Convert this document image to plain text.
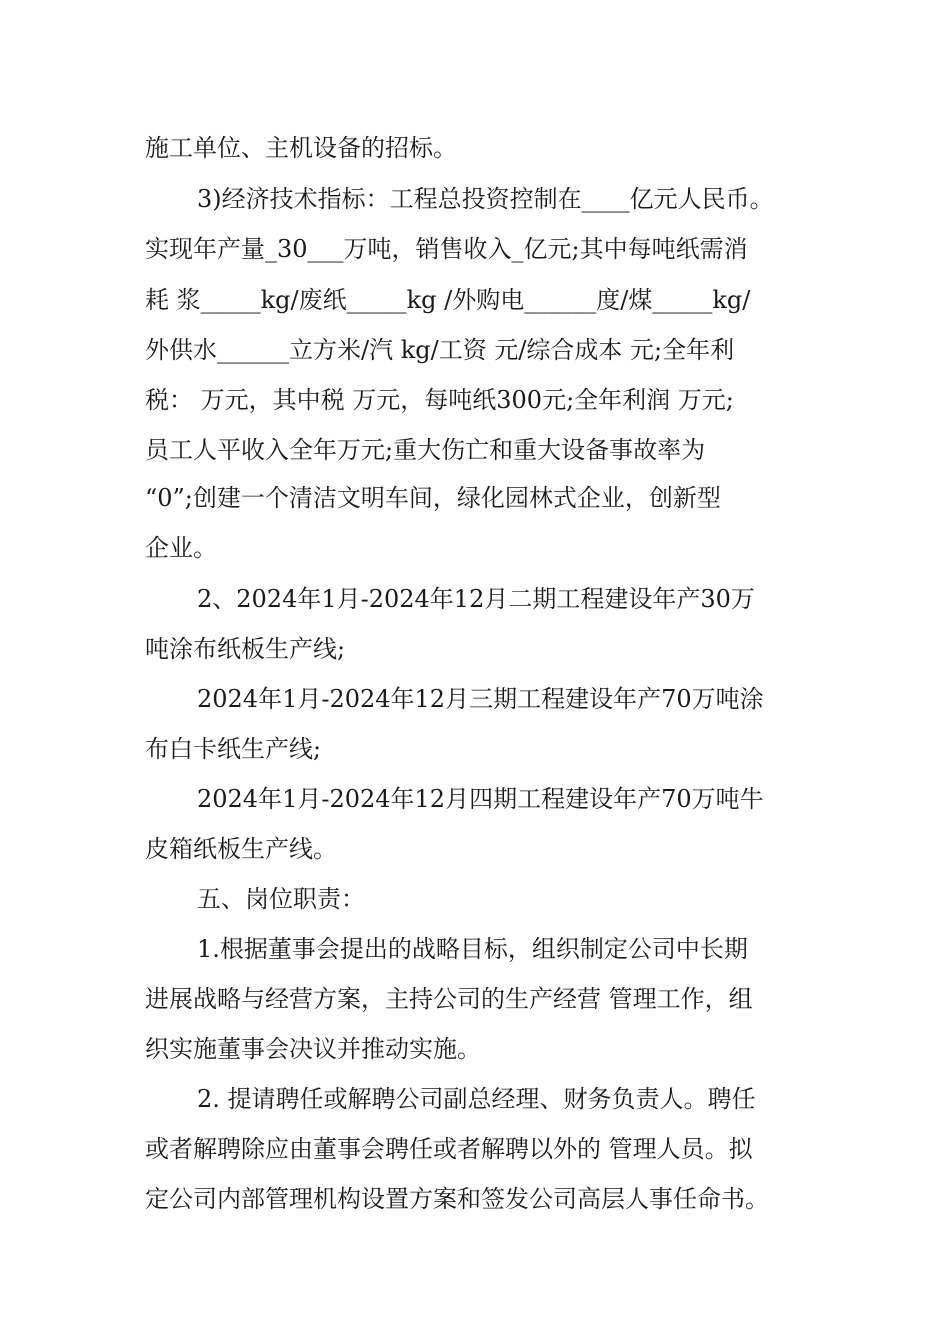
施工单位、主机设备的招标。

3)经济技术指标：工程总投资控制在____亿元人民币。

实现年产量_30___万吨，销售收入_亿元;其中每吨纸需消

耗 浆_____kg/废纸_____kg /外购电______度/煤_____kg/

外供水______立方米/汽 kg/工资 元/综合成本 元;全年利

税： 万元，其中税 万元，每吨纸300元;全年利润 万元;

员工人平收入全年万元;重大伤亡和重大设备事故率为

“0”;创建一个清洁文明车间，绿化园林式企业，创新型

企业。

2、2024年1月-2024年12月二期工程建设年产30万

吨涂布纸板生产线;

2024年1月-2024年12月三期工程建设年产70万吨涂

布白卡纸生产线;

2024年1月-2024年12月四期工程建设年产70万吨牛

皮箱纸板生产线。

五、岗位职责：

1.根据董事会提出的战略目标，组织制定公司中长期

进展战略与经营方案，主持公司的生产经营 管理工作，组

织实施董事会决议并推动实施。

2. 提请聘任或解聘公司副总经理、财务负责人。聘任

或者解聘除应由董事会聘任或者解聘以外的 管理人员。拟

定公司内部管理机构设置方案和签发公司高层人事任命书。
